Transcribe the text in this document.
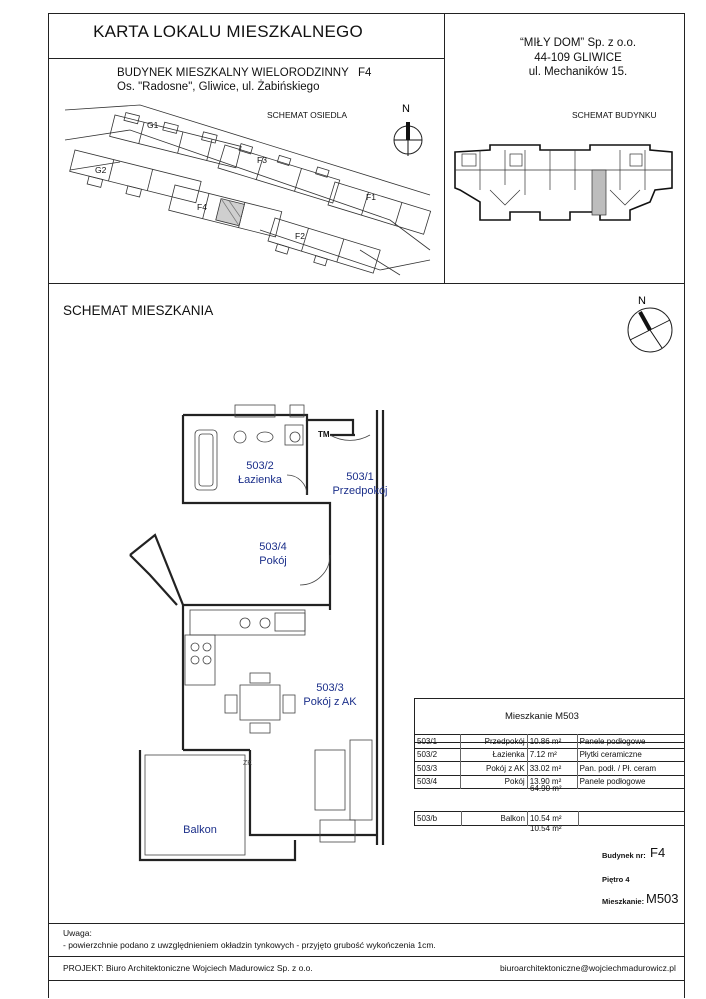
KARTA LOKALU MIESZKALNEGO
BUDYNEK MIESZKALNY WIELORODZINNY F4
Os. "Radosne", Gliwice, ul. Żabińskiego
“MIŁY DOM” Sp. z o.o.
44-109 GLIWICE
ul. Mechaników 15.
SCHEMAT OSIEDLA	SCHEMAT BUDYNKU
G1
G2
F3
F4
F1
F2
N
SCHEMAT MIESZKANIA
N
ZK
TM
503/2
Łazienka	503/1
Przedpokój
503/4
Pokój
503/3
Pokój z AK
Balkon
Mieszkanie M503
503/1	Przedpokój	10.86 m²	Panele podłogowe
503/2	Łazienka	7.12 m²	Płytki ceramiczne
503/3	Pokój z AK	33.02 m²	Pan. podł. / Pł. ceram
503/4	Pokój	13.90 m²	Panele podłogowe
64.90 m²
503/b	Balkon	10.54 m²	
10.54 m²
Budynek nr: F4
Piętro 4
Mieszkanie: M503
Uwaga:
- powierzchnie podano z uwzględnieniem okładzin tynkowych - przyjęto grubość wykończenia 1cm.
PROJEKT: Biuro Architektoniczne Wojciech Madurowicz Sp. z o.o.	biuroarchitektoniczne@wojciechmadurowicz.pl
